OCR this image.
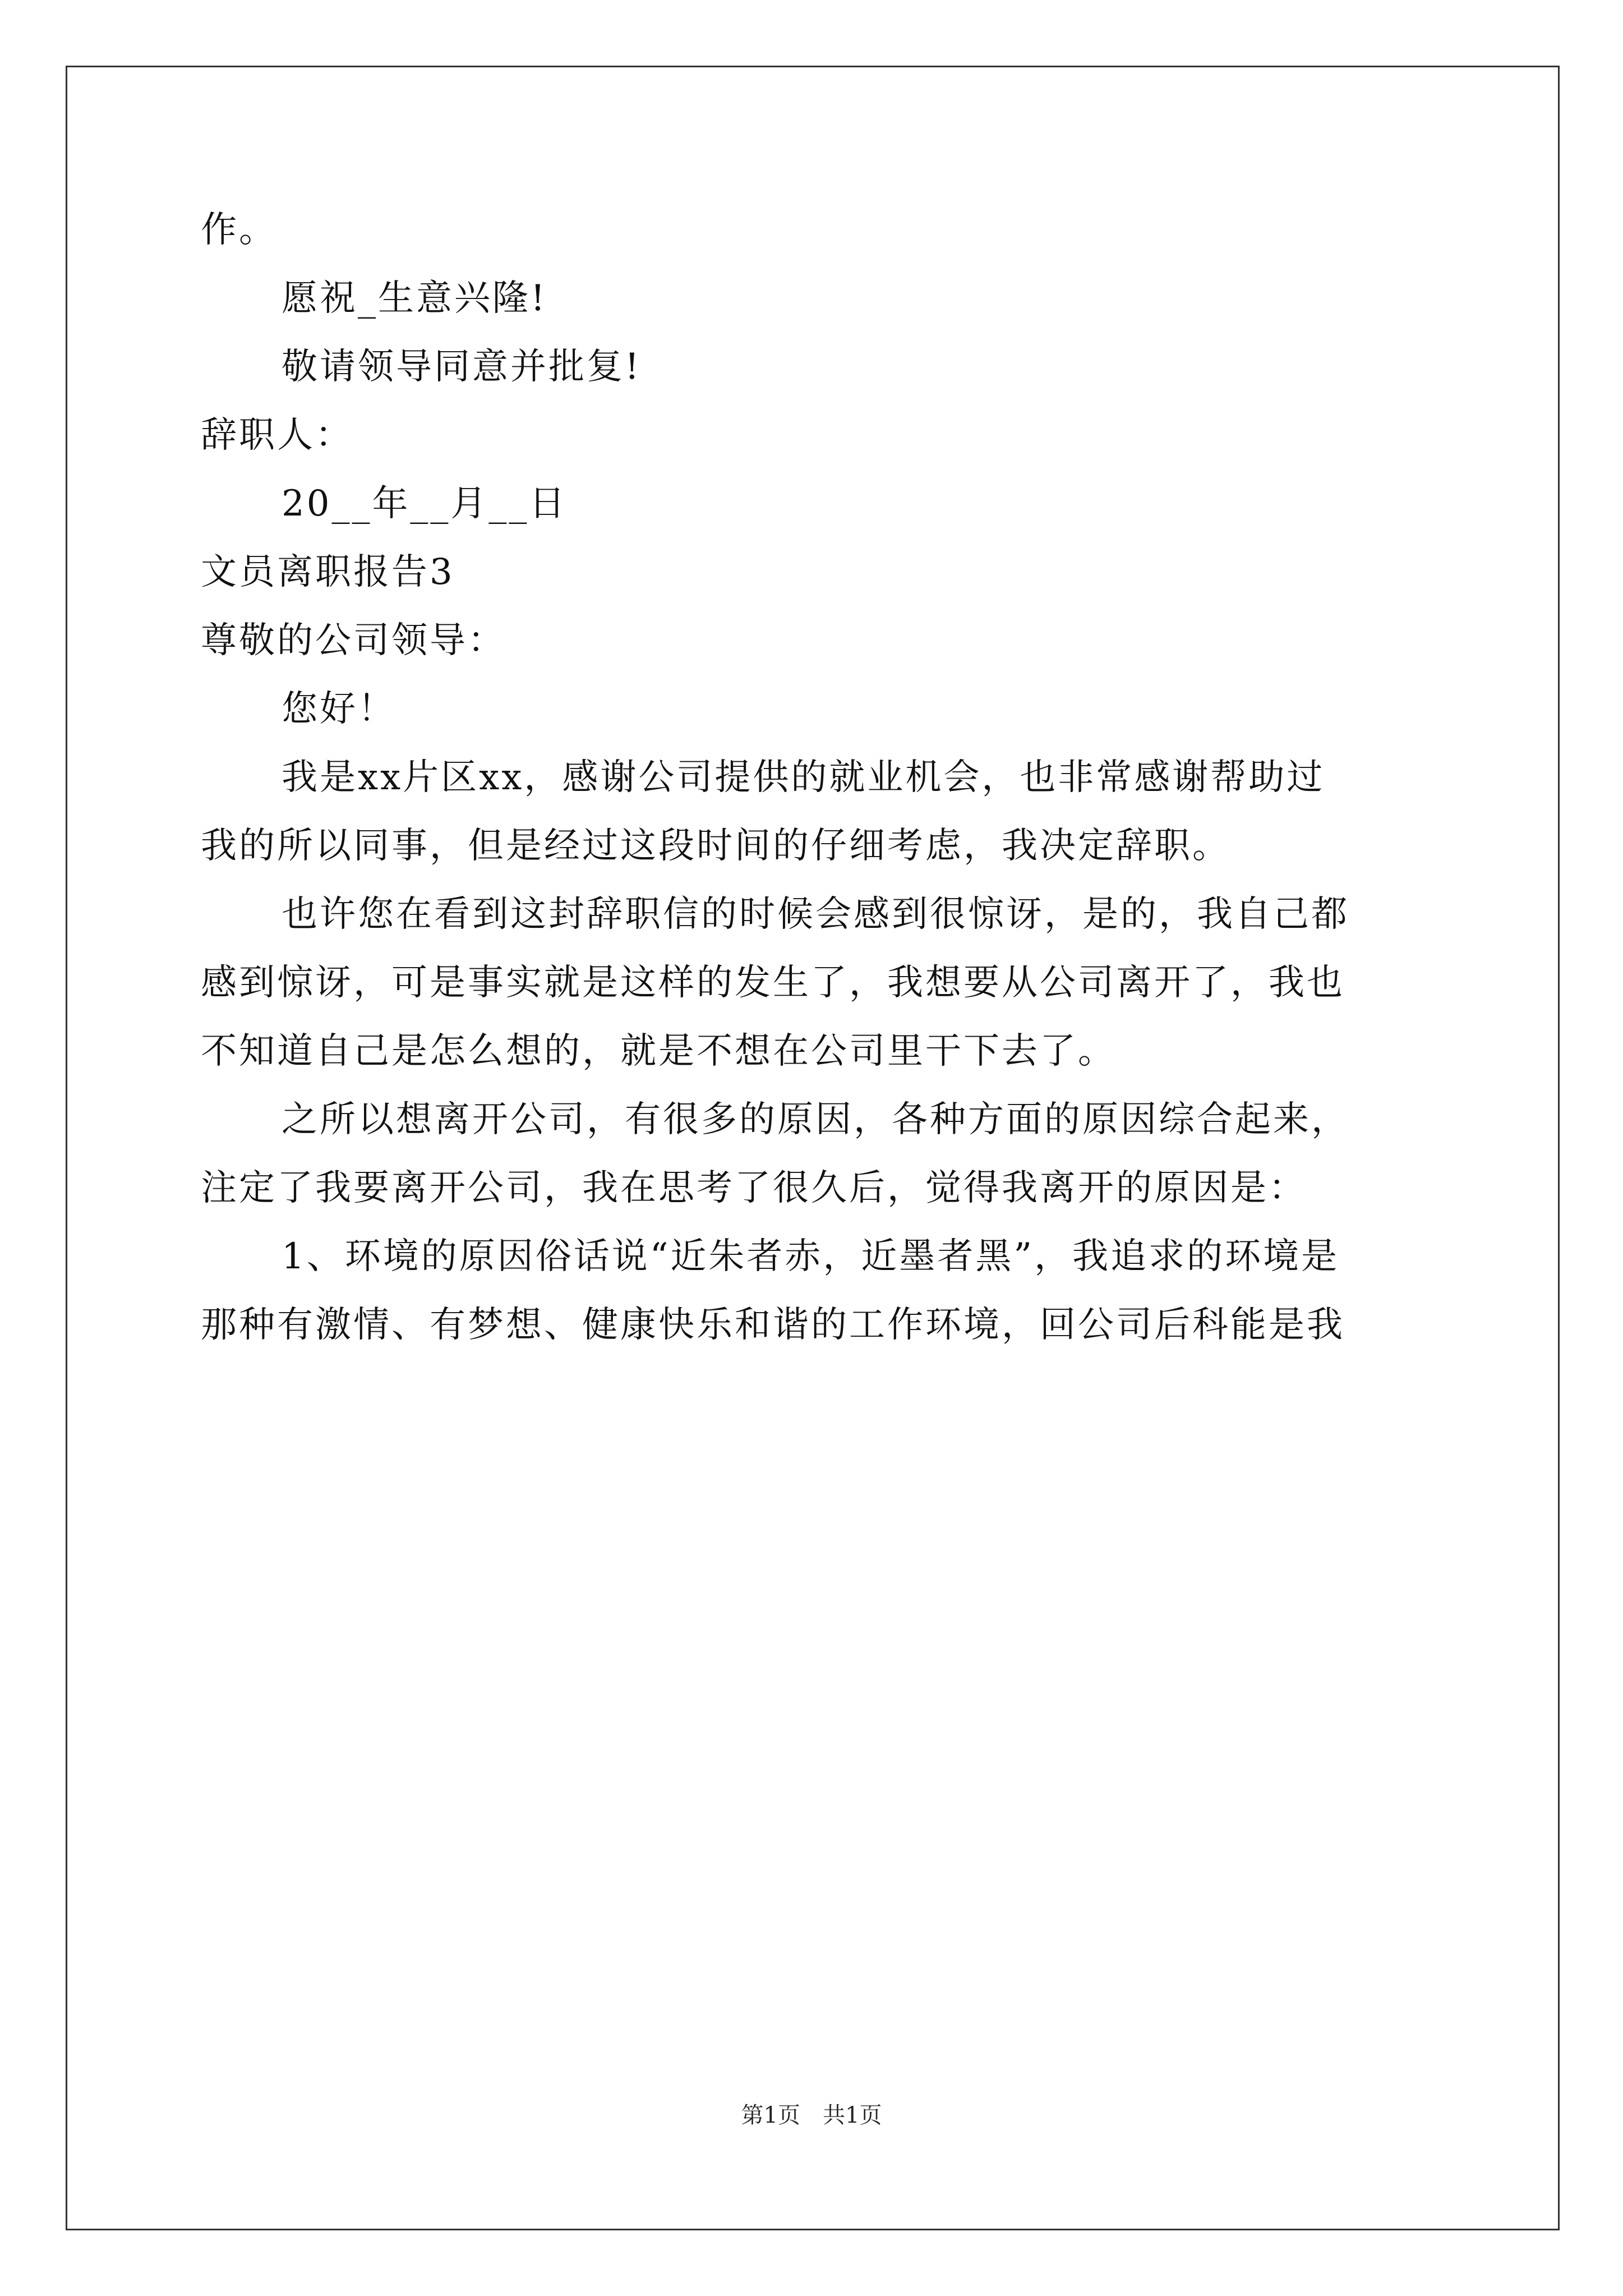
作。
愿祝_生意兴隆!
敬请领导同意并批复!
辞职人：
20__年__月__日
文员离职报告3
尊敬的公司领导：
您好！
我是xx片区xx，感谢公司提供的就业机会，也非常感谢帮助过
我的所以同事，但是经过这段时间的仔细考虑，我决定辞职。
也许您在看到这封辞职信的时候会感到很惊讶，是的，我自己都
感到惊讶，可是事实就是这样的发生了，我想要从公司离开了，我也
不知道自己是怎么想的，就是不想在公司里干下去了。
之所以想离开公司，有很多的原因，各种方面的原因综合起来，
注定了我要离开公司，我在思考了很久后，觉得我离开的原因是：
1、环境的原因俗话说“近朱者赤，近墨者黑”，我追求的环境是
那种有激情、有梦想、健康快乐和谐的工作环境，回公司后科能是我
第1页 共1页
